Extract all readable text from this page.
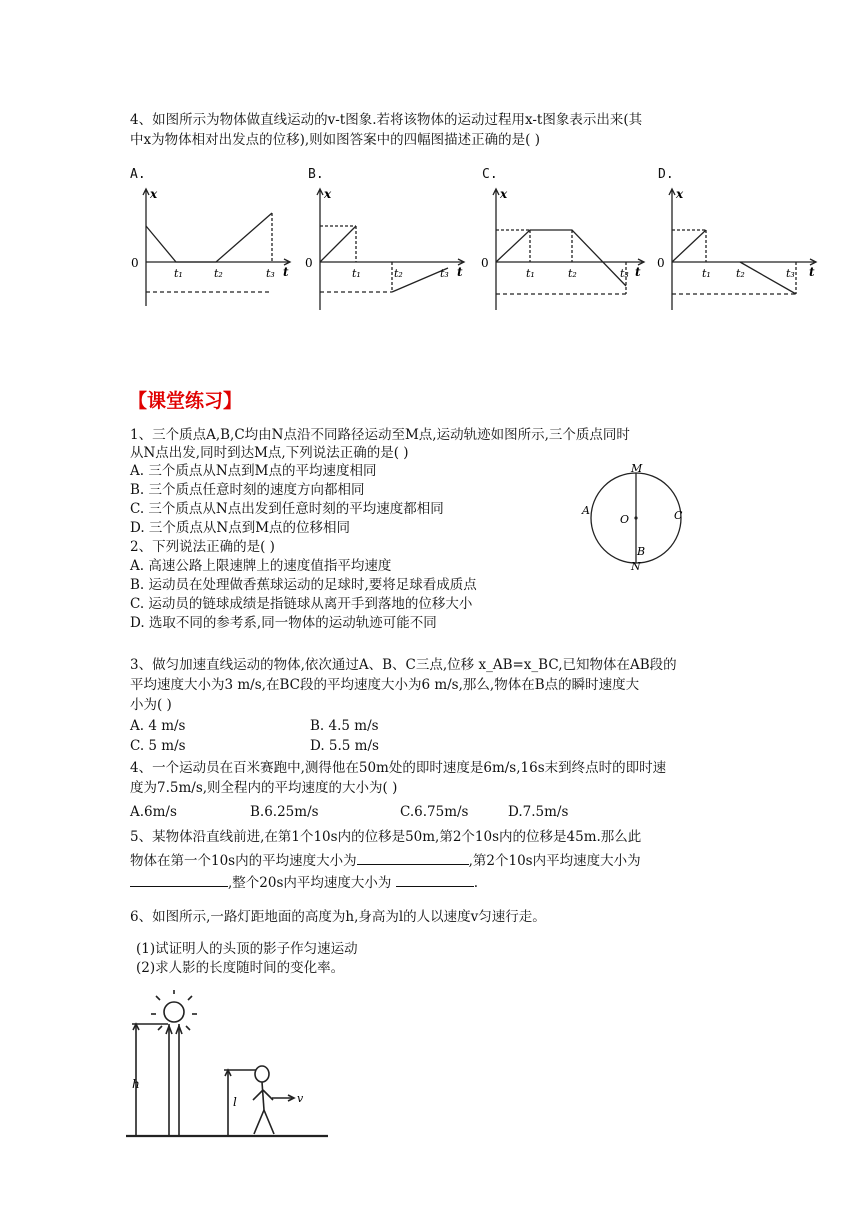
4、如图所示为物体做直线运动的v-t图象.若将该物体的运动过程用x-t图象表示出来(其
中x为物体相对出发点的位移),则如图答案中的四幅图描述正确的是( )
A.	B.	C.	D.
x
0
t₁	t₂	t₃ t
x
0
t₁	t₂	t₃ t
x
0
t₁	t₂	t₃ t
x
0
t₁ t₂	t₃ t
【课堂练习】
1、三个质点A,B,C均由N点沿不同路径运动至M点,运动轨迹如图所示,三个质点同时
从N点出发,同时到达M点,下列说法正确的是( )
A. 三个质点从N点到M点的平均速度相同
B. 三个质点任意时刻的速度方向都相同
C. 三个质点从N点出发到任意时刻的平均速度都相同
D. 三个质点从N点到M点的位移相同
M
N
A	C
B
O
2、下列说法正确的是( )
A. 高速公路上限速牌上的速度值指平均速度
B. 运动员在处理做香蕉球运动的足球时,要将足球看成质点
C. 运动员的链球成绩是指链球从离开手到落地的位移大小
D. 选取不同的参考系,同一物体的运动轨迹可能不同
3、做匀加速直线运动的物体,依次通过A、B、C三点,位移 x_AB=x_BC,已知物体在AB段的
平均速度大小为3 m/s,在BC段的平均速度大小为6 m/s,那么,物体在B点的瞬时速度大
小为( )
A. 4 m/s	B. 4.5 m/s
C. 5 m/s	D. 5.5 m/s
4、一个运动员在百米赛跑中,测得他在50m处的即时速度是6m/s,16s末到终点时的即时速
度为7.5m/s,则全程内的平均速度的大小为( )
A.6m/s	B.6.25m/s	C.6.75m/s	D.7.5m/s
5、某物体沿直线前进,在第1个10s内的位移是50m,第2个10s内的位移是45m.那么此
物体在第一个10s内的平均速度大小为	,第2个10s内平均速度大小为
,整个20s内平均速度大小为	.
6、如图所示,一路灯距地面的高度为h,身高为l的人以速度v匀速行走。
(1)试证明人的头顶的影子作匀速运动
(2)求人影的长度随时间的变化率。
h
l	v
